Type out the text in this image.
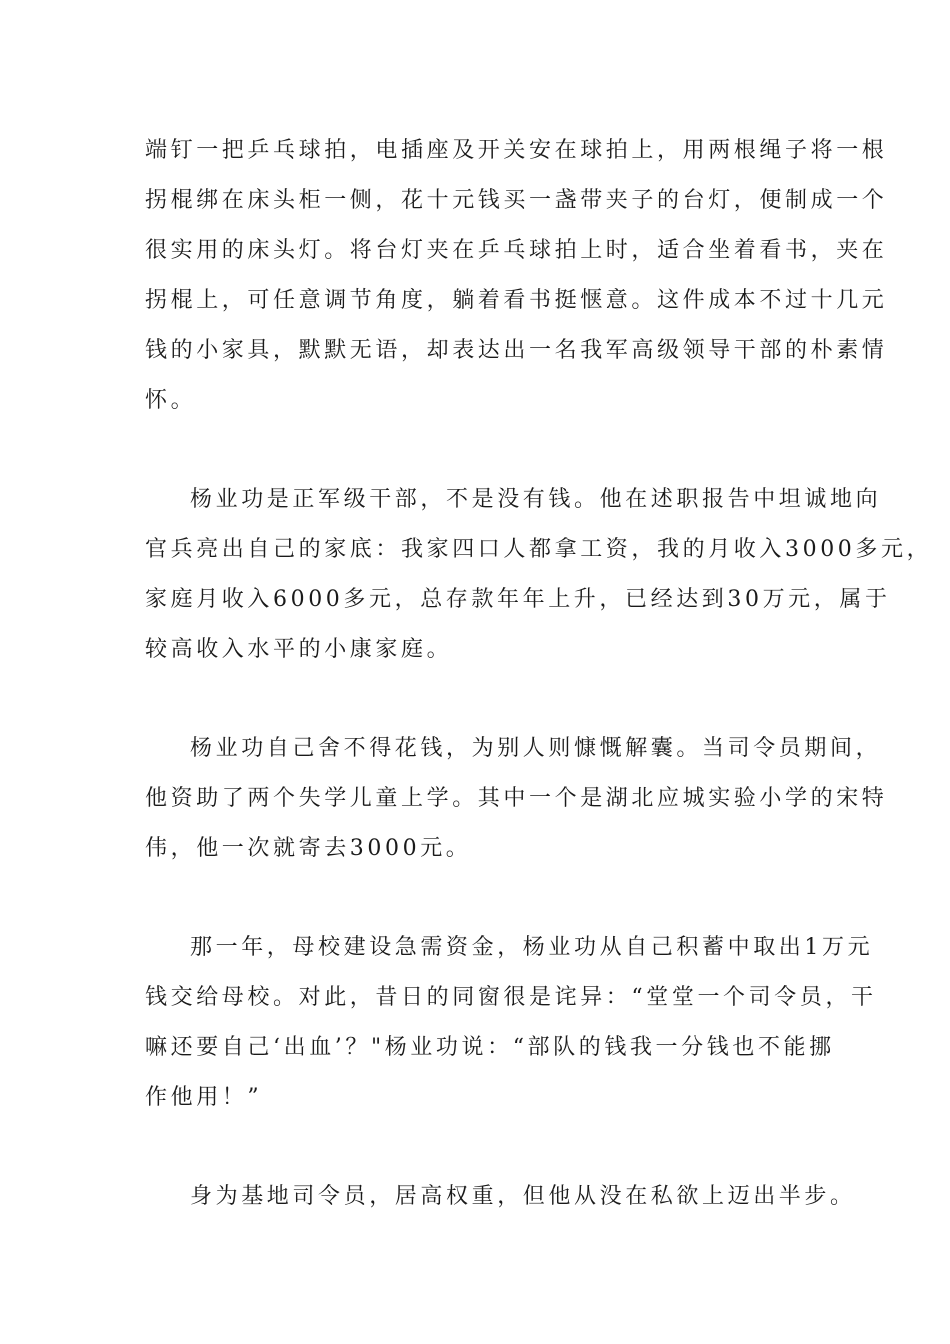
端钉一把乒乓球拍，电插座及开关安在球拍上，用两根绳子将一根
拐棍绑在床头柜一侧，花十元钱买一盏带夹子的台灯，便制成一个
很实用的床头灯。将台灯夹在乒乓球拍上时，适合坐着看书，夹在
拐棍上，可任意调节角度，躺着看书挺惬意。这件成本不过十几元
钱的小家具，默默无语，却表达出一名我军高级领导干部的朴素情
怀。
杨业功是正军级干部，不是没有钱。他在述职报告中坦诚地向
官兵亮出自己的家底：我家四口人都拿工资，我的月收入3000多元，
家庭月收入6000多元，总存款年年上升，已经达到30万元，属于
较高收入水平的小康家庭。
杨业功自己舍不得花钱，为别人则慷慨解囊。当司令员期间，
他资助了两个失学儿童上学。其中一个是湖北应城实验小学的宋特
伟，他一次就寄去3000元。
那一年，母校建设急需资金，杨业功从自己积蓄中取出1万元
钱交给母校。对此，昔日的同窗很是诧异：“堂堂一个司令员，干
嘛还要自己‘出血’？"杨业功说：“部队的钱我一分钱也不能挪
作他用！”
身为基地司令员，居高权重，但他从没在私欲上迈出半步。
